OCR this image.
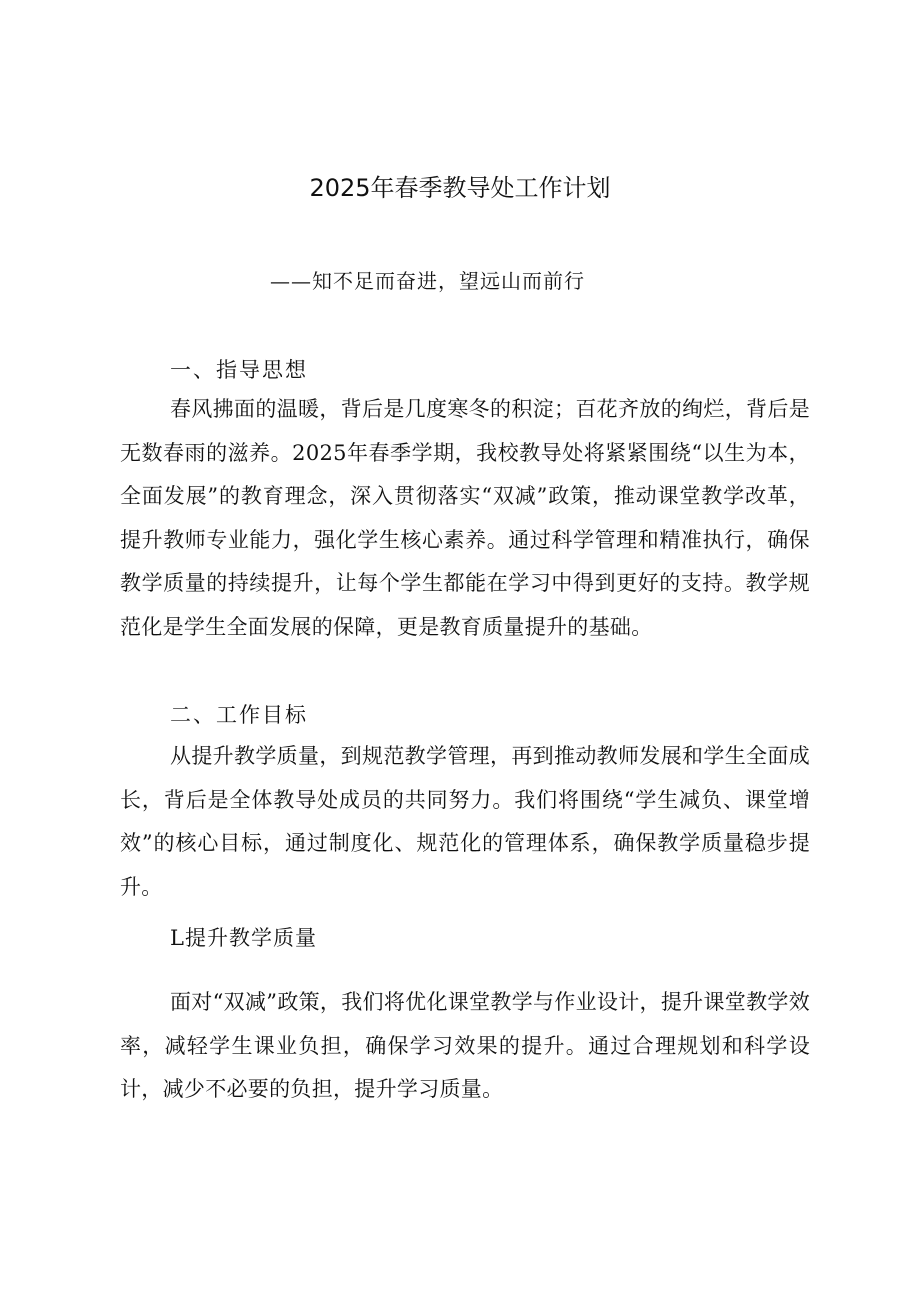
2025年春季教导处工作计划
——知不足而奋进，望远山而前行
一、指导思想
春风拂面的温暖，背后是几度寒冬的积淀；百花齐放的绚烂，背后是无数春雨的滋养。2025年春季学期，我校教导处将紧紧围绕“以生为本，全面发展”的教育理念，深入贯彻落实“双减”政策，推动课堂教学改革，提升教师专业能力，强化学生核心素养。通过科学管理和精准执行，确保教学质量的持续提升，让每个学生都能在学习中得到更好的支持。教学规范化是学生全面发展的保障，更是教育质量提升的基础。
二、工作目标
从提升教学质量，到规范教学管理，再到推动教师发展和学生全面成长，背后是全体教导处成员的共同努力。我们将围绕“学生减负、课堂增效”的核心目标，通过制度化、规范化的管理体系，确保教学质量稳步提升。
L提升教学质量
面对“双减”政策，我们将优化课堂教学与作业设计，提升课堂教学效率，减轻学生课业负担，确保学习效果的提升。通过合理规划和科学设计，减少不必要的负担，提升学习质量。
